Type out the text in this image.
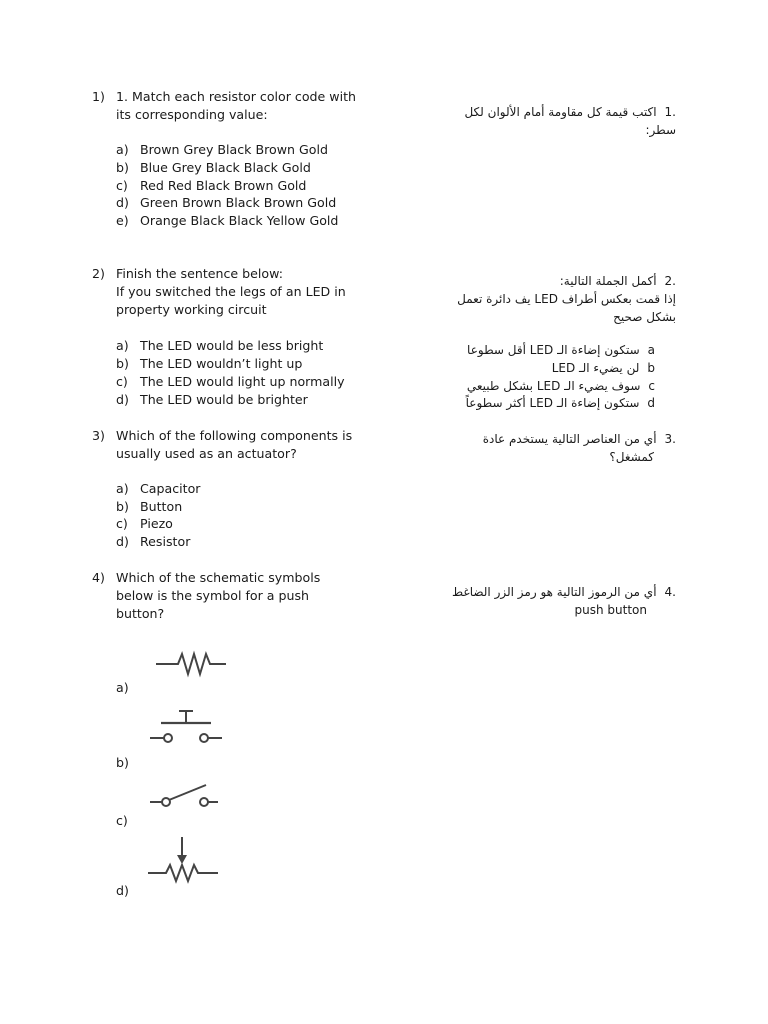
1) 1. Match each resistor color code with
its corresponding value:
a) Brown Grey Black Brown Gold
b) Blue Grey Black Black Gold
c) Red Red Black Brown Gold
d) Green Brown Black Brown Gold
e) Orange Black Black Yellow Gold
.1اكتب قيمة كل مقاومة أمام الألوان لكل
سطر:
2) Finish the sentence below:
If you switched the legs of an LED in
property working circuit
a) The LED would be less bright
b) The LED wouldn’t light up
c) The LED would light up normally
d) The LED would be brighter
.2أكمل الجملة التالية:
إذا قمت بعكس أطراف LED يف دائرة تعمل
بشكل صحيح
aستكون إضاءة الـ LED أقل سطوعا
bلن يضيء الـ LED
cسوف يضيء الـ LED بشكل طبيعي
dستكون إضاءة الـ LED أكثر سطوعاً
3) Which of the following components is
usually used as an actuator?
a) Capacitor
b) Button
c) Piezo
d) Resistor
.3أي من العناصر التالية يستخدم عادة
كمشغل؟
4) Which of the schematic symbols
below is the symbol for a push
button?
.4أي من الرموز التالية هو رمز الزر الضاغط
push button
a)
b)
c)
d)
